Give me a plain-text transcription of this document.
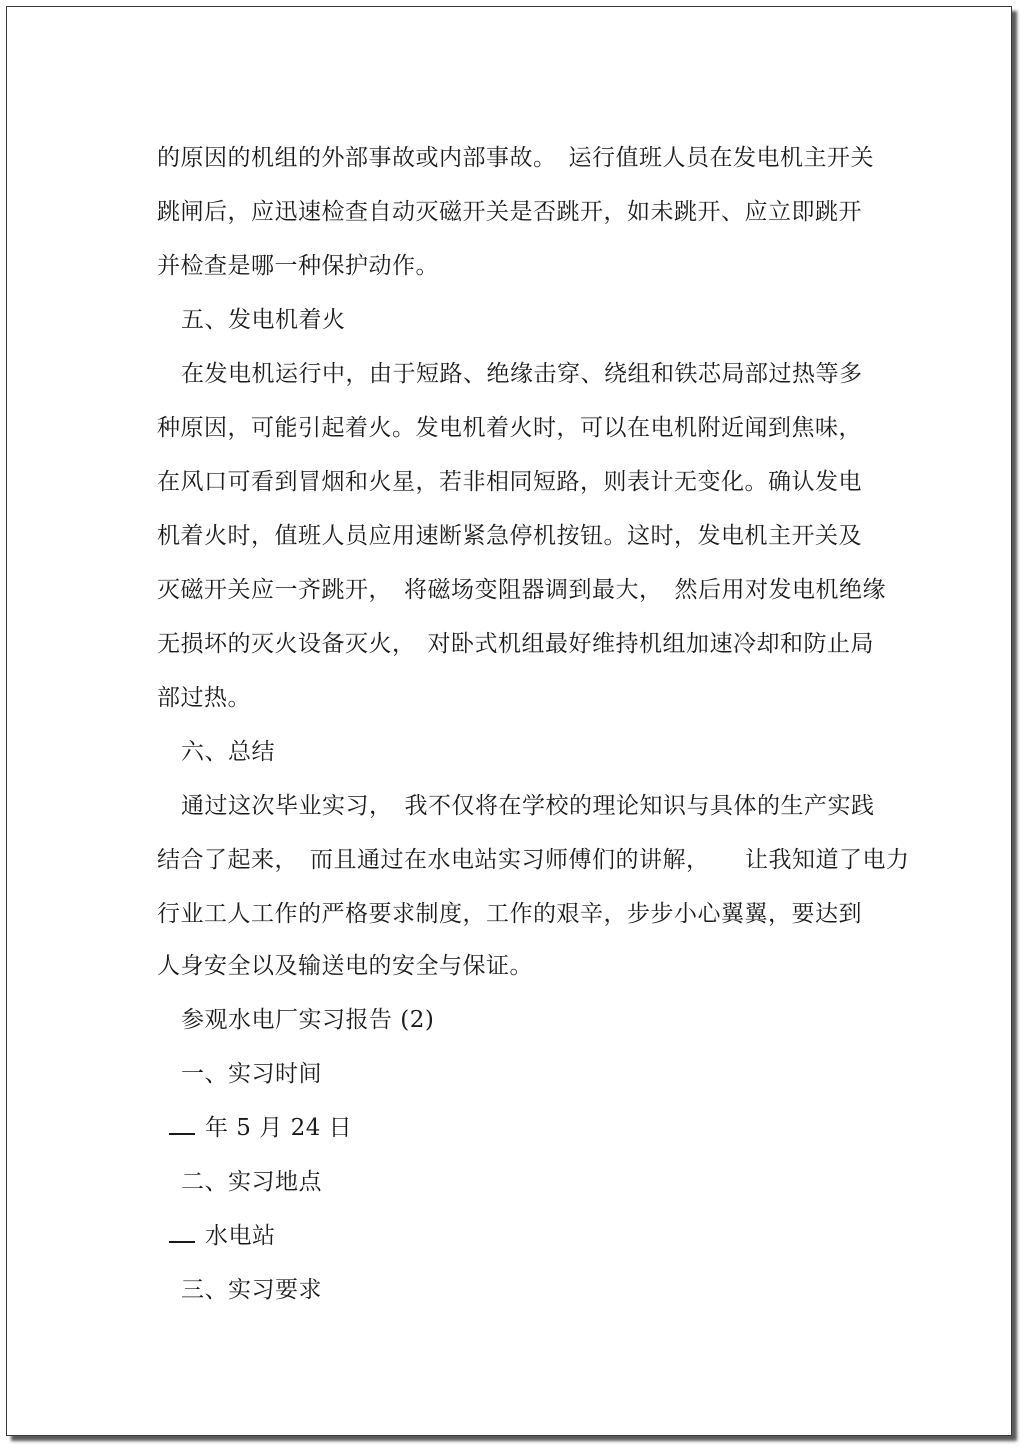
的原因的机组的外部事故或内部事故。　运行值班人员在发电机主开关
跳闸后，应迅速检查自动灭磁开关是否跳开，如未跳开、应立即跳开
并检查是哪一种保护动作。
五、发电机着火
在发电机运行中，由于短路、绝缘击穿、绕组和铁芯局部过热等多
种原因，可能引起着火。发电机着火时，可以在电机附近闻到焦味，
在风口可看到冒烟和火星，若非相同短路，则表计无变化。确认发电
机着火时，值班人员应用速断紧急停机按钮。这时，发电机主开关及
灭磁开关应一齐跳开，　将磁场变阻器调到最大，　然后用对发电机绝缘
无损坏的灭火设备灭火，　对卧式机组最好维持机组加速冷却和防止局
部过热。
六、总结
通过这次毕业实习，　我不仅将在学校的理论知识与具体的生产实践
结合了起来，　而且通过在水电站实习师傅们的讲解，　　让我知道了电力
行业工人工作的严格要求制度，工作的艰辛，步步小心翼翼，要达到
人身安全以及输送电的安全与保证。
参观水电厂实习报告 (2)
一、实习时间
年 5 月 24 日
二、实习地点
水电站
三、实习要求
